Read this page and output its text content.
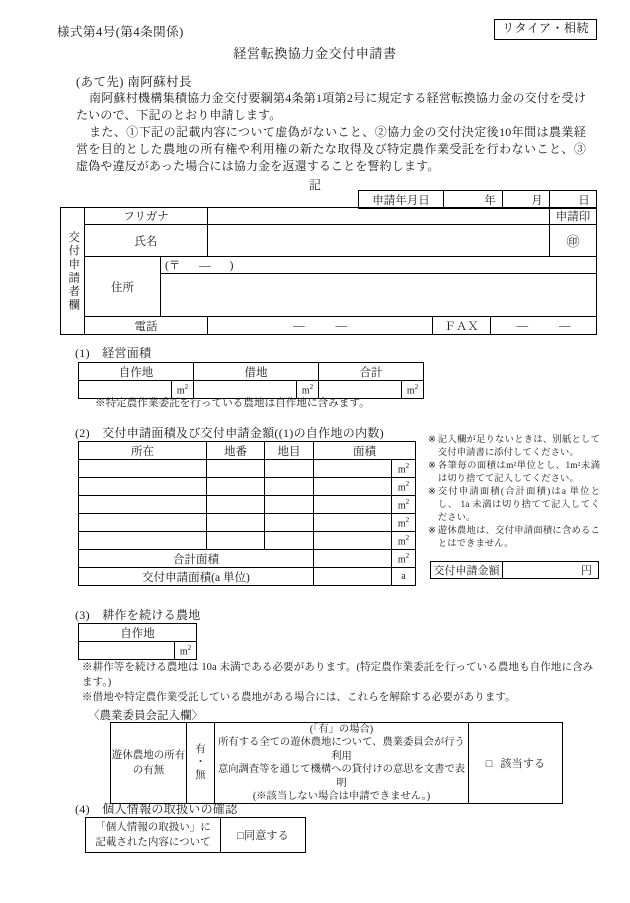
様式第4号(第4条関係)	リタイア・相続
経営転換協力金交付申請書
(あて先) 南阿蘇村長
南阿蘇村機構集積協力金交付要綱第4条第1項第2号に規定する経営転換協力金の交付を受けたいので、下記のとおり申請します。
また、①下記の記載内容について虚偽がないこと、②協力金の交付決定後10年間は農業経営を目的とした農地の所有権や利用権の新たな取得及び特定農作業受託を行わないこと、③虚偽や違反があった場合には協力金を返還することを誓約します。
記
申請年月日	年	月	日
交付申請者欄	フリガナ					申請印
	氏名					㊞
	住所	(〒 — )				

	電話		— —	ＦＡＸ	— —	
(1)　経営面積
自作地		借地		合計	
	$m^2$		$m^2$		$m^2$
※特定農作業委託を行っている農地は自作地に含みます。
(2)　交付申請面積及び交付申請金額((1)の自作地の内数)
所在	地番	地目	面積	
				$m^2$
				$m^2$
				$m^2$
				$m^2$
				$m^2$
合計面積				$m^2$
交付申請面積(a 単位)				a
※ 記入欄が足りないときは、別紙として交付申請書に添付してください。
※ 各筆毎の面積はm²単位とし、1m²未満は切り捨てて記入してください。
※ 交付申請面積(合計面積)はa 単位とし、 1a 未満は切り捨てて記入してください。
※ 遊休農地は、交付申請面積に含めることはできません。
交付申請金額	円
(3)　耕作を続ける農地
自作地
	$m^2$
※耕作等を続ける農地は 10a 未満である必要があります。(特定農作業委託を行っている農地も自作地に含みます。)
※借地や特定農作業受託している農地がある場合には、これらを解除する必要があります。
〈農業委員会記入欄〉
遊休農地の所有の有無	
有
・
無

(「有」の場合)
所有する全ての遊休農地について、農業委員会が行う利用
意向調査等を通じて機構への貸付けの意思を文書で表明
(※該当しない場合は申請できません。)
	□ 該当する
(4)　個人情報の取扱いの確認
「個人情報の取扱い」に
記載された内容について
	□同意する
